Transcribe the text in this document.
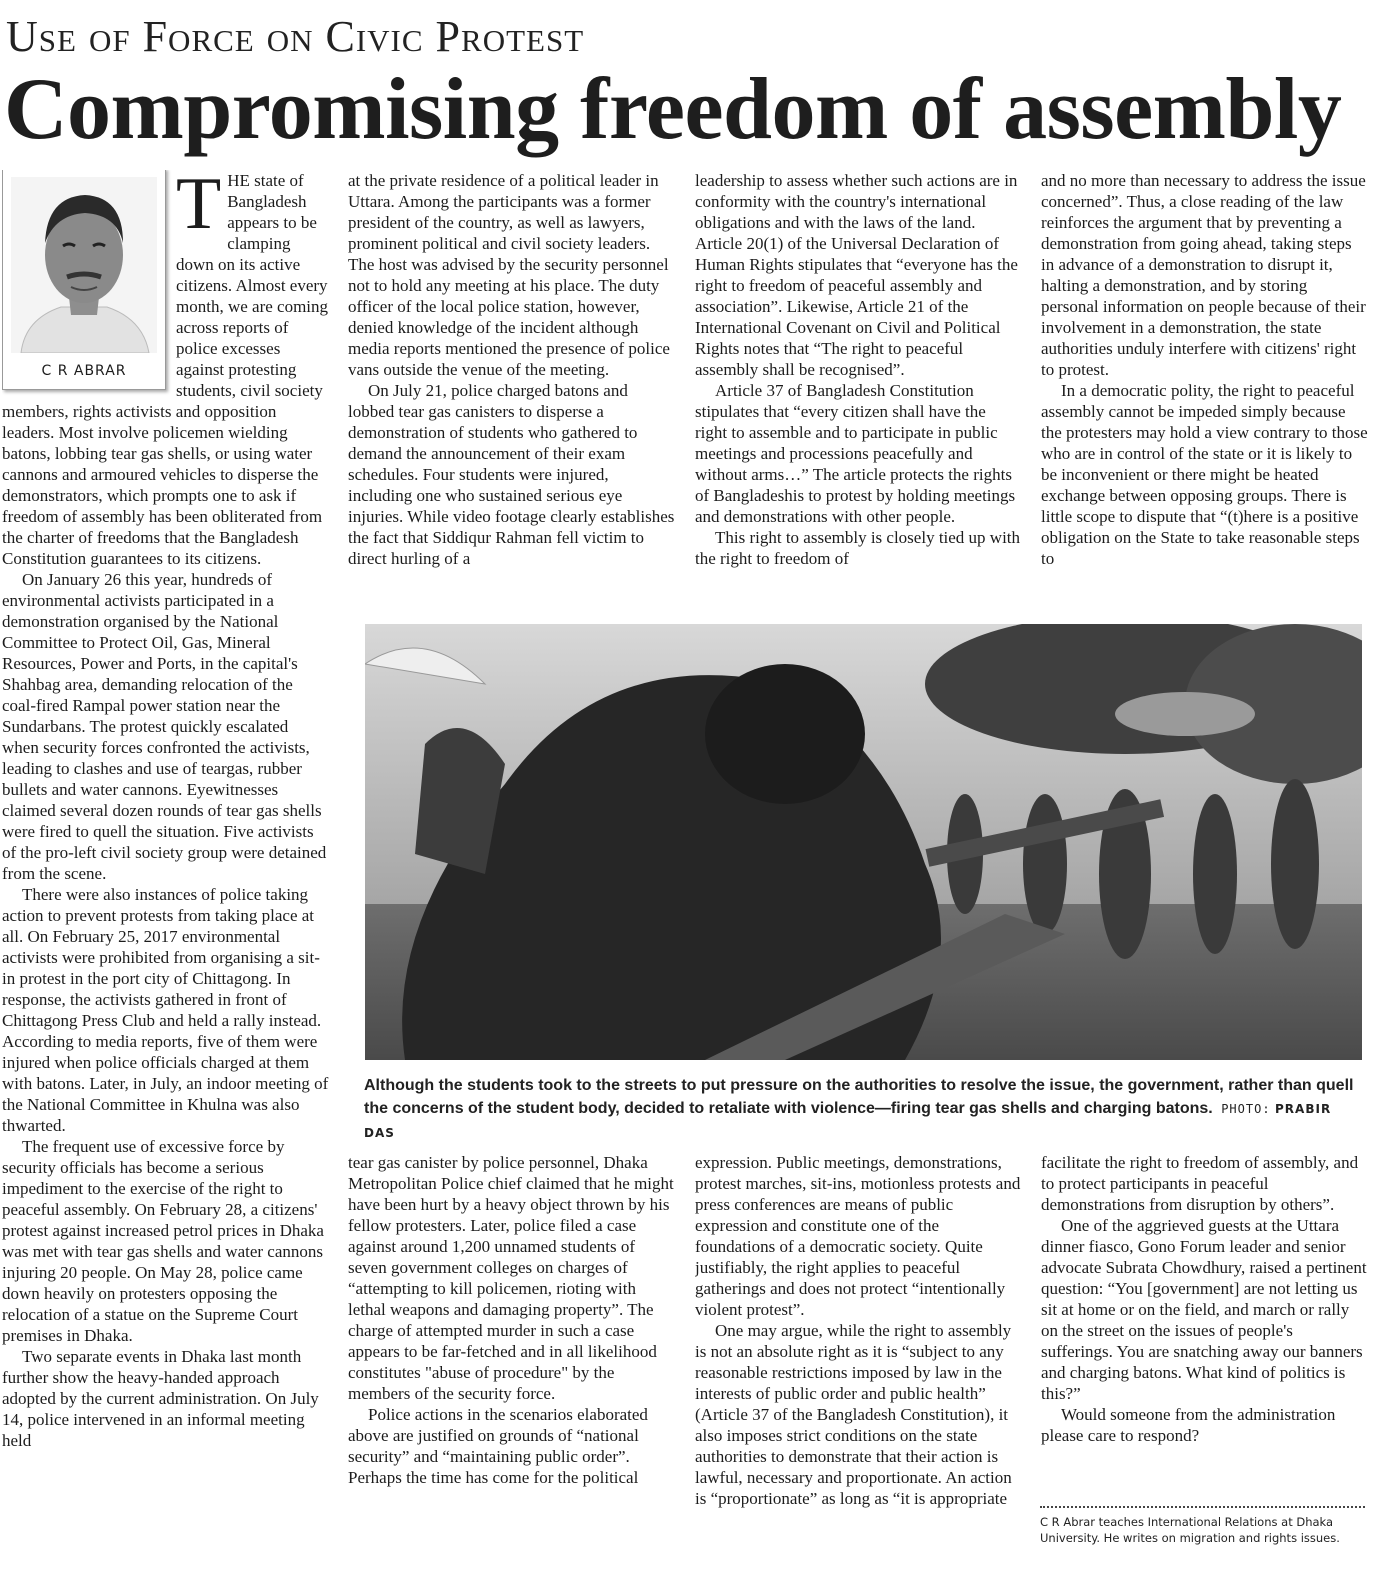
Use of Force on Civic Protest
Compromising freedom of assembly
C R ABRAR

THE state of Bangladesh appears to be clamping down on its active citizens. Almost every month, we are coming across reports of police excesses against protesting students, civil society members, rights activists and opposition leaders. Most involve policemen wielding batons, lobbing tear gas shells, or using water cannons and armoured vehicles to disperse the demonstrators, which prompts one to ask if freedom of assembly has been obliterated from the charter of freedoms that the Bangladesh Constitution guarantees to its citizens.

On January 26 this year, hundreds of environmental activists participated in a demonstration organised by the National Committee to Protect Oil, Gas, Mineral Resources, Power and Ports, in the capital's Shahbag area, demanding relocation of the coal-fired Rampal power station near the Sundarbans. The protest quickly escalated when security forces confronted the activists, leading to clashes and use of teargas, rubber bullets and water cannons. Eyewitnesses claimed several dozen rounds of tear gas shells were fired to quell the situation. Five activists of the pro-left civil society group were detained from the scene.

There were also instances of police taking action to prevent protests from taking place at all. On February 25, 2017 environmental activists were prohibited from organising a sit-in protest in the port city of Chittagong. In response, the activists gathered in front of Chittagong Press Club and held a rally instead. According to media reports, five of them were injured when police officials charged at them with batons. Later, in July, an indoor meeting of the National Committee in Khulna was also thwarted.

The frequent use of excessive force by security officials has become a serious impediment to the exercise of the right to peaceful assembly. On February 28, a citizens' protest against increased petrol prices in Dhaka was met with tear gas shells and water cannons injuring 20 people. On May 28, police came down heavily on protesters opposing the relocation of a statue on the Supreme Court premises in Dhaka.

Two separate events in Dhaka last month further show the heavy-handed approach adopted by the current administration. On July 14, police intervened in an informal meeting held

at the private residence of a political leader in Uttara. Among the participants was a former president of the country, as well as lawyers, prominent political and civil society leaders. The host was advised by the security personnel not to hold any meeting at his place. The duty officer of the local police station, however, denied knowledge of the incident although media reports mentioned the presence of police vans outside the venue of the meeting.

On July 21, police charged batons and lobbed tear gas canisters to disperse a demonstration of students who gathered to demand the announcement of their exam schedules. Four students were injured, including one who sustained serious eye injuries. While video footage clearly establishes the fact that Siddiqur Rahman fell victim to direct hurling of a

leadership to assess whether such actions are in conformity with the country's international obligations and with the laws of the land. Article 20(1) of the Universal Declaration of Human Rights stipulates that “everyone has the right to freedom of peaceful assembly and association”. Likewise, Article 21 of the International Covenant on Civil and Political Rights notes that “The right to peaceful assembly shall be recognised”.

Article 37 of Bangladesh Constitution stipulates that “every citizen shall have the right to assemble and to participate in public meetings and processions peacefully and without arms…” The article protects the rights of Bangladeshis to protest by holding meetings and demonstrations with other people.

This right to assembly is closely tied up with the right to freedom of

and no more than necessary to address the issue concerned”. Thus, a close reading of the law reinforces the argument that by preventing a demonstration from going ahead, taking steps in advance of a demonstration to disrupt it, halting a demonstration, and by storing personal information on people because of their involvement in a demonstration, the state authorities unduly interfere with citizens' right to protest.

In a democratic polity, the right to peaceful assembly cannot be impeded simply because the protesters may hold a view contrary to those who are in control of the state or it is likely to be inconvenient or there might be heated exchange between opposing groups. There is little scope to dispute that “(t)here is a positive obligation on the State to take reasonable steps to

Although the students took to the streets to put pressure on the authorities to resolve the issue, the government, rather than quell the concerns of the student body, decided to retaliate with violence—firing tear gas shells and charging batons. PHOTO: PRABIR DAS

tear gas canister by police personnel, Dhaka Metropolitan Police chief claimed that he might have been hurt by a heavy object thrown by his fellow protesters. Later, police filed a case against around 1,200 unnamed students of seven government colleges on charges of “attempting to kill policemen, rioting with lethal weapons and damaging property”. The charge of attempted murder in such a case appears to be far-fetched and in all likelihood constitutes "abuse of procedure" by the members of the security force.

Police actions in the scenarios elaborated above are justified on grounds of “national security” and “maintaining public order”. Perhaps the time has come for the political

expression. Public meetings, demonstrations, protest marches, sit-ins, motionless protests and press conferences are means of public expression and constitute one of the foundations of a democratic society. Quite justifiably, the right applies to peaceful gatherings and does not protect “intentionally violent protest”.

One may argue, while the right to assembly is not an absolute right as it is “subject to any reasonable restrictions imposed by law in the interests of public order and public health” (Article 37 of the Bangladesh Constitution), it also imposes strict conditions on the state authorities to demonstrate that their action is lawful, necessary and proportionate. An action is “proportionate” as long as “it is appropriate

facilitate the right to freedom of assembly, and to protect participants in peaceful demonstrations from disruption by others”.

One of the aggrieved guests at the Uttara dinner fiasco, Gono Forum leader and senior advocate Subrata Chowdhury, raised a pertinent question: “You [government] are not letting us sit at home or on the field, and march or rally on the street on the issues of people's sufferings. You are snatching away our banners and charging batons. What kind of politics is this?”

Would someone from the administration please care to respond?

C R Abrar teaches International Relations at Dhaka University. He writes on migration and rights issues.
